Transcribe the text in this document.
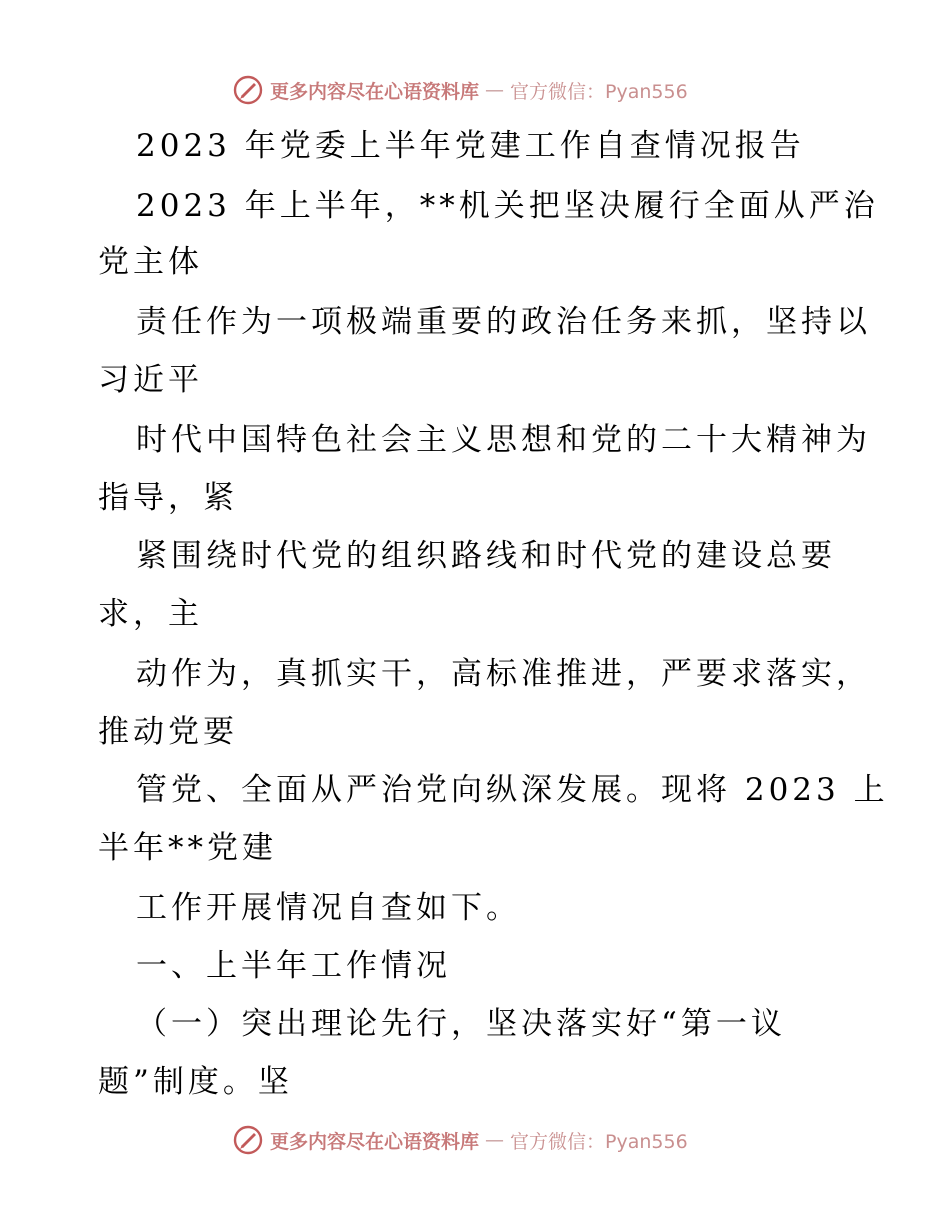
更多内容尽在心语资料库 — 官方微信：Pyan556
2023 年党委上半年党建工作自查情况报告
2023 年上半年，**机关把坚决履行全面从严治
党主体
责任作为一项极端重要的政治任务来抓，坚持以
习近平
时代中国特色社会主义思想和党的二十大精神为
指导，紧
紧围绕时代党的组织路线和时代党的建设总要
求，主
动作为，真抓实干，高标准推进，严要求落实，
推动党要
管党、全面从严治党向纵深发展。现将 2023 上
半年**党建
工作开展情况自查如下。
一、上半年工作情况
（一）突出理论先行，坚决落实好“第一议
题”制度。坚
更多内容尽在心语资料库 — 官方微信：Pyan556
